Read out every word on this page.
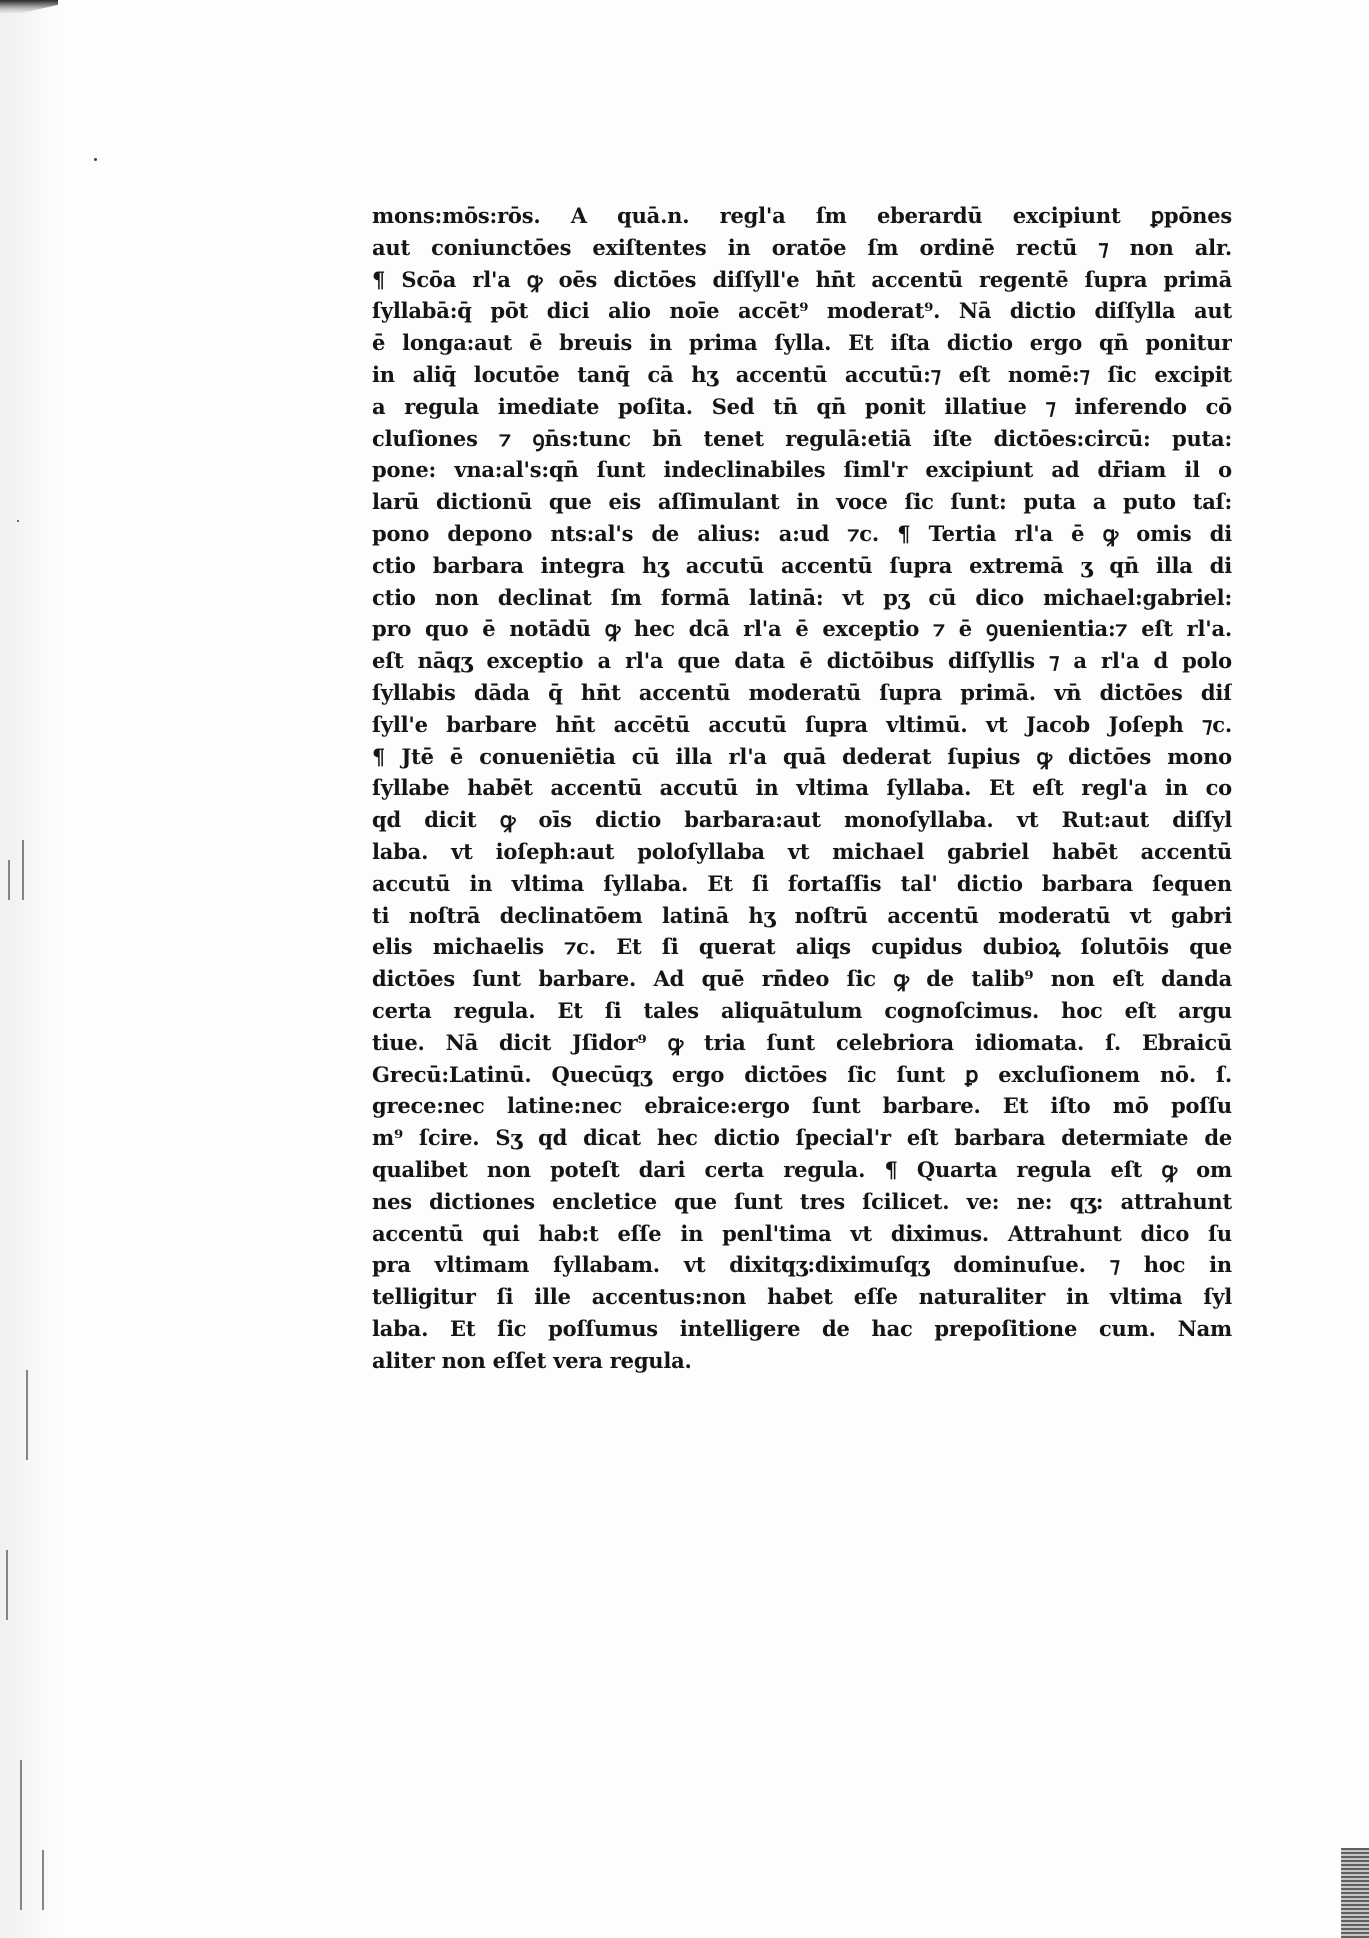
mons:mōs:rōs. A quā.n. regl'a ſm eberardū excipiunt ꝑpōnes
aut coniunctōes exiſtentes in oratōe ſm ordinē rectū ⁊ non alr.
¶ Scōa rl'a ꝙ oēs dictōes diſſyll'e hn̄t accentū regentē ſupra primā
ſyllabā:q̄ pōt dici alio noīe accēt⁹ moderat⁹. Nā dictio diſſylla aut
ē longa:aut ē breuis in prima ſylla. Et iſta dictio ergo qn̄ ponitur
in aliq̄ locutōe tanq̄ cā hʒ accentū accutū:⁊ eſt nomē:⁊ ſic excipit
a regula imediate poſita. Sed tn̄ qn̄ ponit illatiue ⁊ inferendo cō
cluſiones ⁊ ꝯn̄s:tunc bn̄ tenet regulā:etiā iſte dictōes:circū: puta:
pone: vna:al's:qn̄ ſunt indeclinabiles ſiml'r excipiunt ad dr̄iam il o
larū dictionū que eis aſſimulant in voce ſic ſunt: puta a puto taſ:
pono depono nts:al's de alius: a:ud ⁊c. ¶ Tertia rl'a ē ꝙ omis di
ctio barbara integra hʒ accutū accentū ſupra extremā ʒ qn̄ illa di
ctio non declinat ſm formā latinā: vt pʒ cū dico michael:gabriel:
pro quo ē notādū ꝙ hec dcā rl'a ē exceptio ⁊ ē ꝯuenientia:⁊ eſt rl'a.
eſt nāqʒ exceptio a rl'a que data ē dictōibus diſſyllis ⁊ a rl'a d polo
ſyllabis dāda q̄ hn̄t accentū moderatū ſupra primā. vn̄ dictōes diſ
ſyll'e barbare hn̄t accētū accutū ſupra vltimū. vt Jacob Joſeph ⁊c.
¶ Jtē ē conueniētia cū illa rl'a quā dederat ſupius ꝙ dictōes mono
ſyllabe habēt accentū accutū in vltima ſyllaba. Et eſt regl'a in co
qd dicit ꝙ oīs dictio barbara:aut monoſyllaba. vt Rut:aut diſſyl
laba. vt ioſeph:aut poloſyllaba vt michael gabriel habēt accentū
accutū in vltima ſyllaba. Et ſi fortaſſis tal' dictio barbara ſequen
ti noſtrā declinatōem latinā hʒ noſtrū accentū moderatū vt gabri
elis michaelis ⁊c. Et ſi querat aliqs cupidus dubioꝝ ſolutōis que
dictōes ſunt barbare. Ad quē rn̄deo ſic ꝙ de talib⁹ non eſt danda
certa regula. Et ſi tales aliquātulum cognoſcimus. hoc eſt argu
tiue. Nā dicit Jſidor⁹ ꝙ tria ſunt celebriora idiomata. ſ. Ebraicū
Grecū:Latinū. Quecūqʒ ergo dictōes ſic ſunt ꝑ excluſionem nō. ſ.
grece:nec latine:nec ebraice:ergo ſunt barbare. Et iſto mō poſſu
m⁹ ſcire. Sʒ qd dicat hec dictio ſpecial'r eſt barbara determiate de
qualibet non poteſt dari certa regula. ¶ Quarta regula eſt ꝙ om
nes dictiones encletice que ſunt tres ſcilicet. ve: ne: qʒ: attrahunt
accentū qui hab:t eſſe in penl'tima vt diximus. Attrahunt dico ſu
pra vltimam ſyllabam. vt dixitqʒ:diximuſqʒ dominuſue. ⁊ hoc in
telligitur ſi ille accentus:non habet eſſe naturaliter in vltima ſyl
laba. Et ſic poſſumus intelligere de hac prepoſitione cum. Nam
aliter non eſſet vera regula.
